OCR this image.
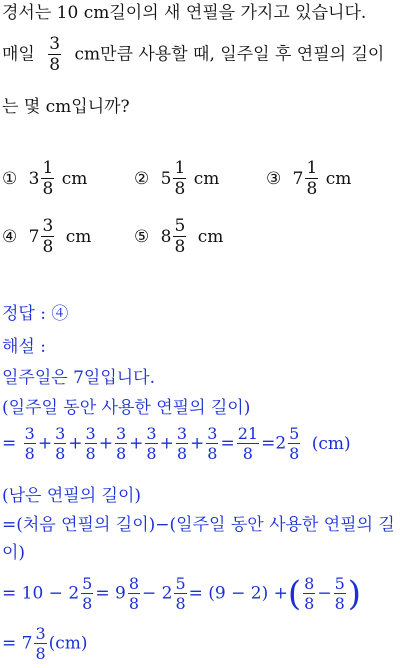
경서는 10 cm길이의 새 연필을 가지고 있습니다.
매일 $\frac{3}{8}$ cm만큼 사용할 때, 일주일 후 연필의 길이
는 몇 cm입니까?
① $3 \frac{1}{8}$ cm	② $5 \frac{1}{8}$ cm	③ $7 \frac{1}{8}$ cm
④ $7 \frac{3}{8}$ cm	⑤ $8 \frac{5}{8}$ cm
정답 : ④
해설 :
일주일은 7일입니다.
(일주일 동안 사용한 연필의 길이)
= $\frac{3}{8} + \frac{3}{8} + \frac{3}{8} + \frac{3}{8} + \frac{3}{8} + \frac{3}{8} + \frac{3}{8} = \frac{21}{8} =2 \frac{5}{8} (cm)$
(남은 연필의 길이)
=(처음 연필의 길이)−(일주일 동안 사용한 연필의 길
이)
= $10 - 2 \frac{5}{8} = 9 \frac{8}{8} - 2 \frac{5}{8} = (9 - 2)$ +( $\frac{8}{8} - \frac{5}{8}$ )
= $7 \frac{3}{8} (cm)$
